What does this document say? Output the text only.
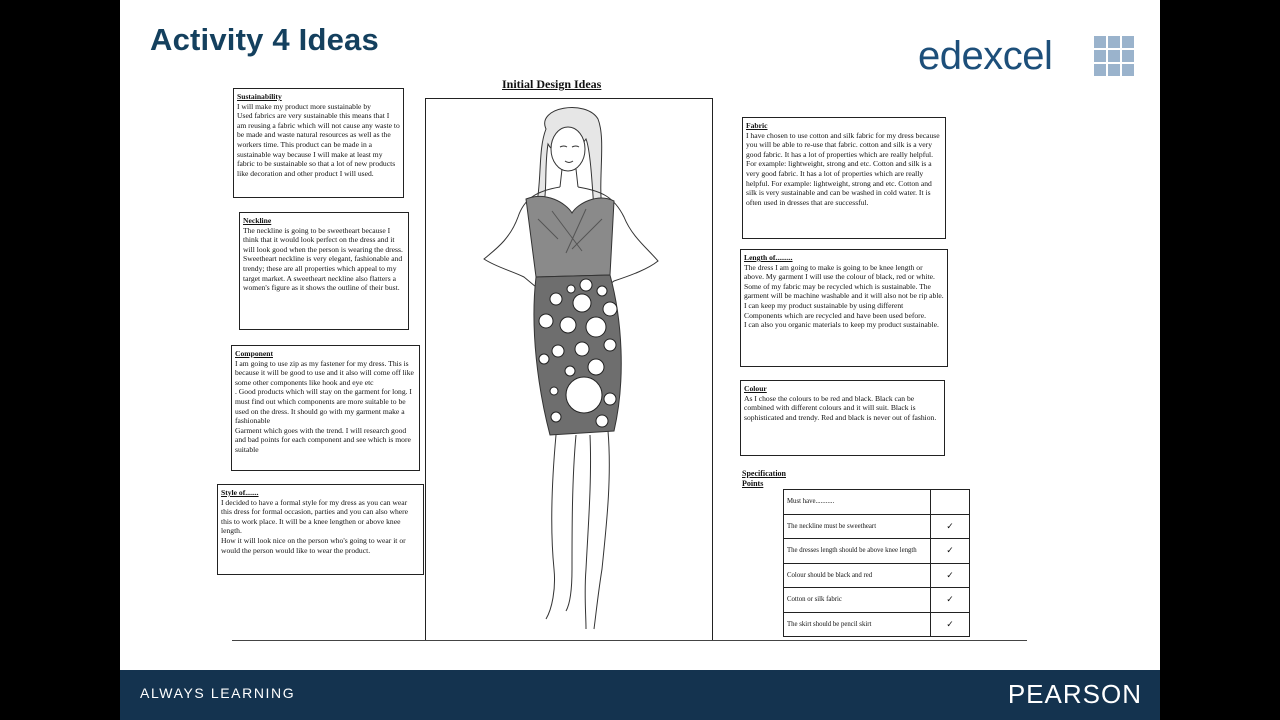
Activity 4 Ideas	edexcel
Initial Design Ideas
Sustainability
I will make my product more sustainable by
Used fabrics are very sustainable this means that I am reusing a fabric which will not cause any waste to be made and waste natural resources as well as the workers time. This product can be made in a sustainable way because I will make at least my fabric to be sustainable so that a lot of new products like decoration and other product I will used.
Neckline
The neckline is going to be sweetheart because I think that it would look perfect on the dress and it will look good when the person is wearing the dress. Sweetheart neckline is very elegant, fashionable and trendy; these are all properties which appeal to my target market. A sweetheart neckline also flatters a women's figure as it shows the outline of their bust.
Component
I am going to use zip as my fastener for my dress. This is because it will be good to use and it also will come off like some other components like hook and eye etc
. Good products which will stay on the garment for long. I must find out which components are more suitable to be used on the dress. It should go with my garment make a fashionable
Garment which goes with the trend. I will research good and bad points for each component and see which is more suitable
Style of.......
I decided to have a formal style for my dress as you can wear this dress for formal occasion, parties and you can also where this to work place. It will be a knee lengthen or above knee length.
How it will look nice on the person who's going to wear it or would the person would like to wear the product.
Fabric
I have chosen to use cotton and silk fabric for my dress because you will be able to re-use that fabric. cotton and silk is a very good fabric. It has a lot of properties which are really helpful. For example: lightweight, strong and etc. Cotton and silk is a very good fabric. It has a lot of properties which are really helpful. For example: lightweight, strong and etc. Cotton and silk is very sustainable and can be washed in cold water. It is often used in dresses that are successful.
Length of.........
The dress I am going to make is going to be knee length or above. My garment I will use the colour of black, red or white. Some of my fabric may be recycled which is sustainable. The garment will be machine washable and it will also not be rip able. I can keep my product sustainable by using different
Components which are recycled and have been used before.
I can also you organic materials to keep my product sustainable.
Colour
As I chose the colours to be red and black. Black can be combined with different colours and it will suit. Black is sophisticated and trendy. Red and black is never out of fashion.
Specification
Points
Must have...........	
The neckline must be sweetheart	✓
The dresses length should be above knee length	✓
Colour should be black and red	✓
Cotton or silk fabric	✓
The skirt should be pencil skirt	✓
ALWAYS LEARNING	PEARSON
